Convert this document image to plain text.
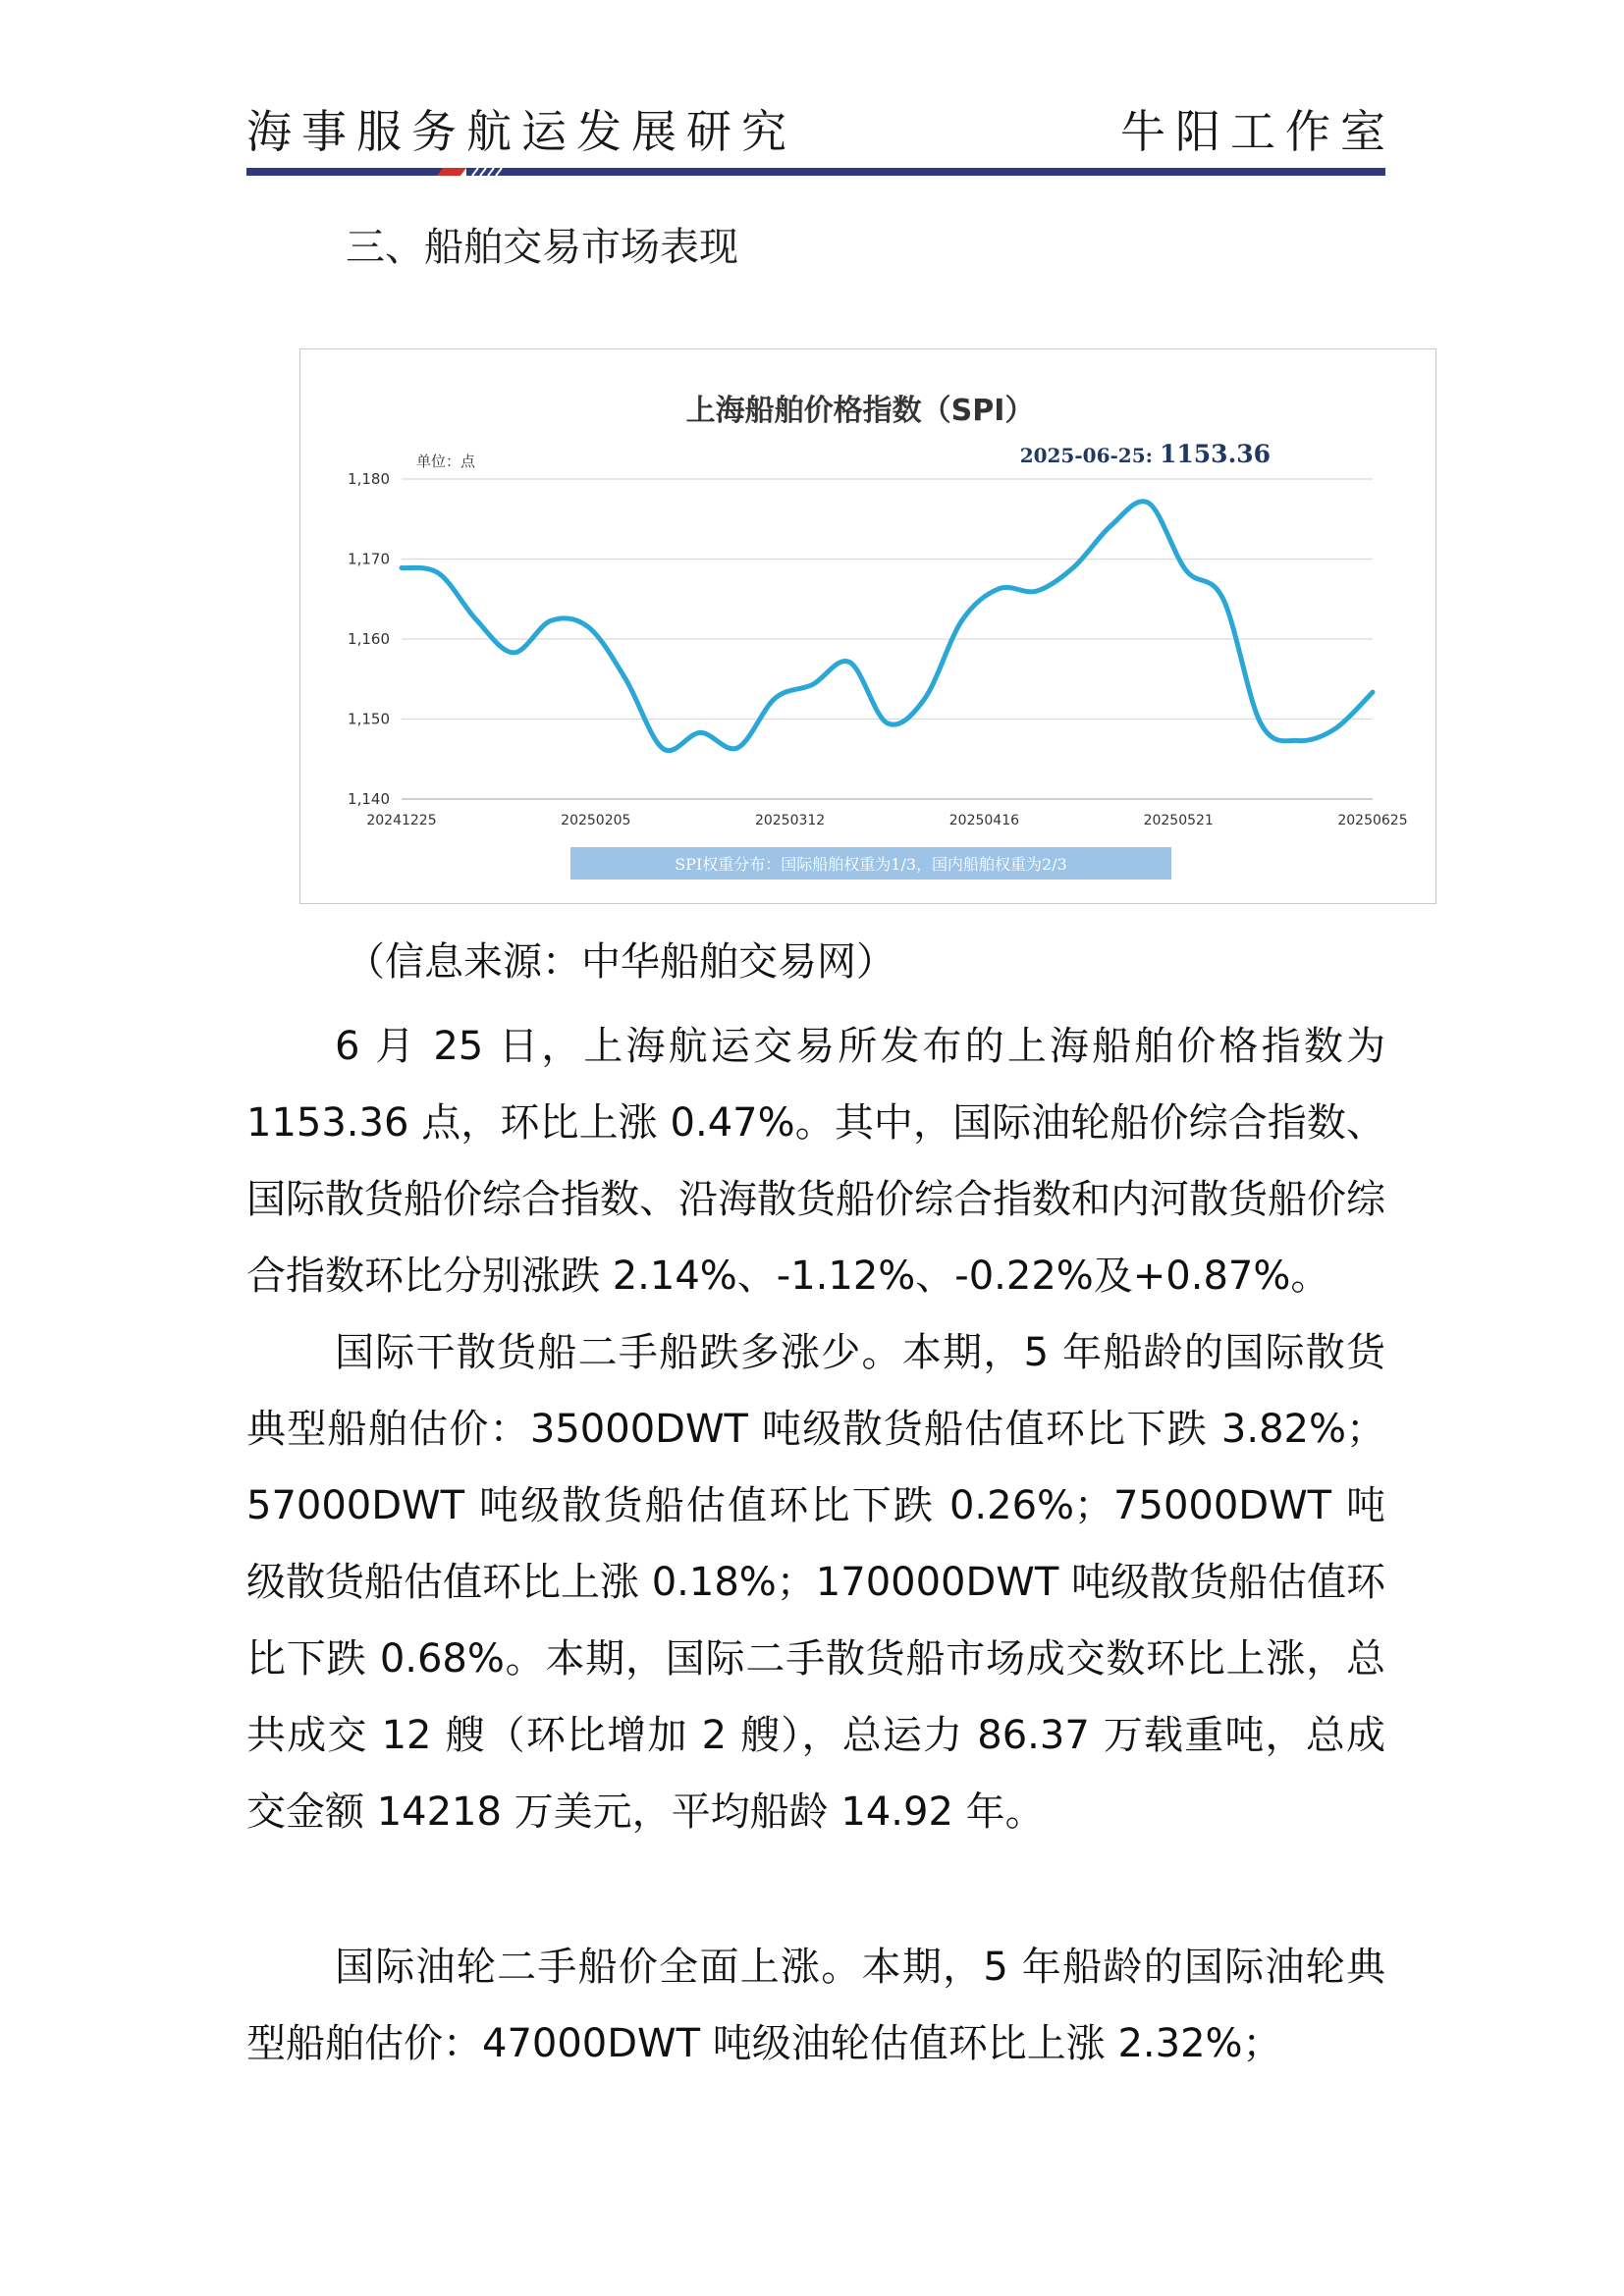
海事服务航运发展研究	牛阳工作室
三、船舶交易市场表现
上海船舶价格指数（SPI）
单位：点	2025-06-25: 1153.36
1,140
1,150
1,160
1,170
1,180
20241225	20250205	20250312	20250416	20250521	20250625
SPI权重分布：国际船舶权重为1/3，国内船舶权重为2/3
（信息来源：中华船舶交易网）

6 月 25 日，上海航运交易所发布的上海船舶价格指数为 1153.36 点，环比上涨 0.47%。其中，国际油轮船价综合指数、国际散货船价综合指数、沿海散货船价综合指数和内河散货船价综合指数环比分别涨跌 2.14%、-1.12%、-0.22%及+0.87%。

国际干散货船二手船跌多涨少。本期，5 年船龄的国际散货典型船舶估价：35000DWT 吨级散货船估值环比下跌 3.82%；57000DWT 吨级散货船估值环比下跌 0.26%；75000DWT 吨级散货船估值环比上涨 0.18%；170000DWT 吨级散货船估值环比下跌 0.68%。本期，国际二手散货船市场成交数环比上涨，总共成交 12 艘（环比增加 2 艘），总运力 86.37 万载重吨，总成交金额 14218 万美元，平均船龄 14.92 年。

国际油轮二手船价全面上涨。本期，5 年船龄的国际油轮典型船舶估价：47000DWT 吨级油轮估值环比上涨 2.32%；
